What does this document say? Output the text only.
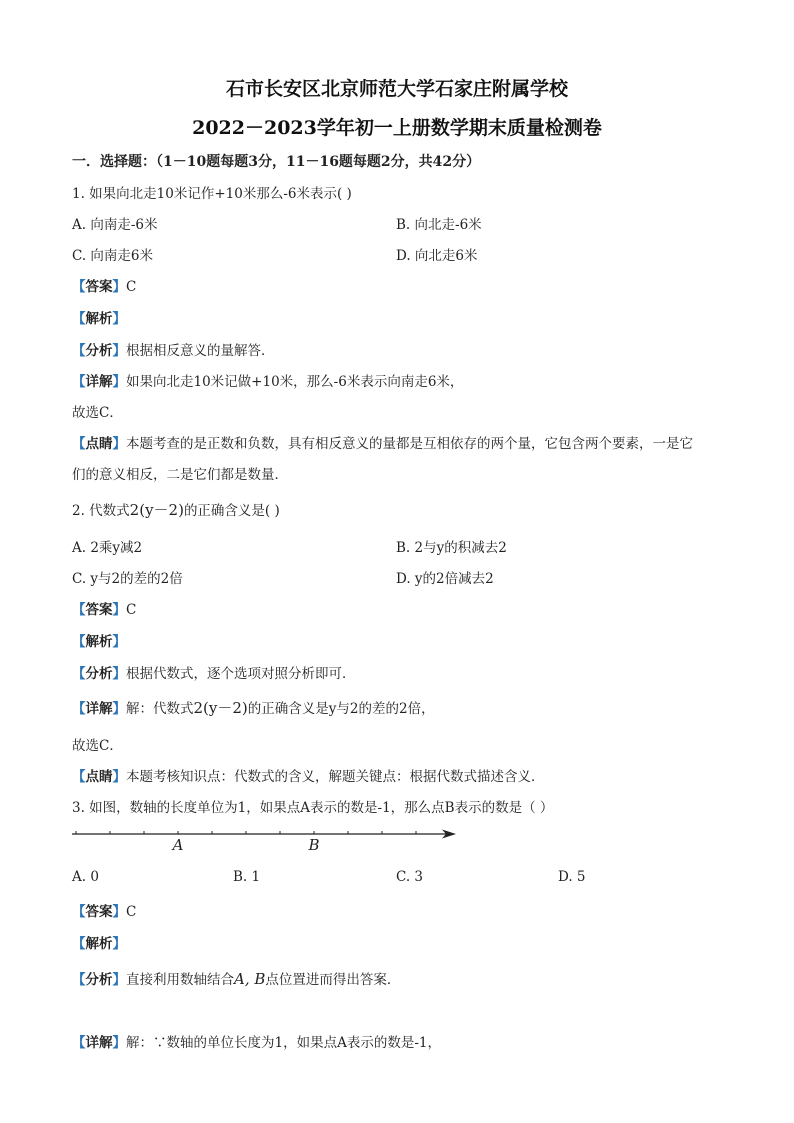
石市长安区北京师范大学石家庄附属学校
2022－2023学年初一上册数学期末质量检测卷
一．选择题：（1－10题每题3分，11－16题每题2分，共42分）
1. 如果向北走10米记作+10米那么-6米表示( )
A. 向南走-6米	B. 向北走-6米
C. 向南走6米	D. 向北走6米
【答案】C
【解析】
【分析】根据相反意义的量解答．
【详解】如果向北走10米记做+10米，那么-6米表示向南走6米，
故选C．
【点睛】本题考查的是正数和负数，具有相反意义的量都是互相依存的两个量，它包含两个要素，一是它
们的意义相反，二是它们都是数量．
2. 代数式2(y－2)的正确含义是( )
A. 2乘y减2	B. 2与y的积减去2
C. y与2的差的2倍	D. y的2倍减去2
【答案】C
【解析】
【分析】根据代数式，逐个选项对照分析即可．
【详解】解：代数式2(y－2)的正确含义是y与2的差的2倍，
故选C．
【点睛】本题考核知识点：代数式的含义，解题关键点：根据代数式描述含义．
3. 如图，数轴的长度单位为1，如果点A表示的数是-1，那么点B表示的数是（ ）
A	B
A. 0	B. 1	C. 3	D. 5
【答案】C
【解析】
【分析】直接利用数轴结合A, B点位置进而得出答案．
【详解】解：∵数轴的单位长度为1，如果点A表示的数是-1，
